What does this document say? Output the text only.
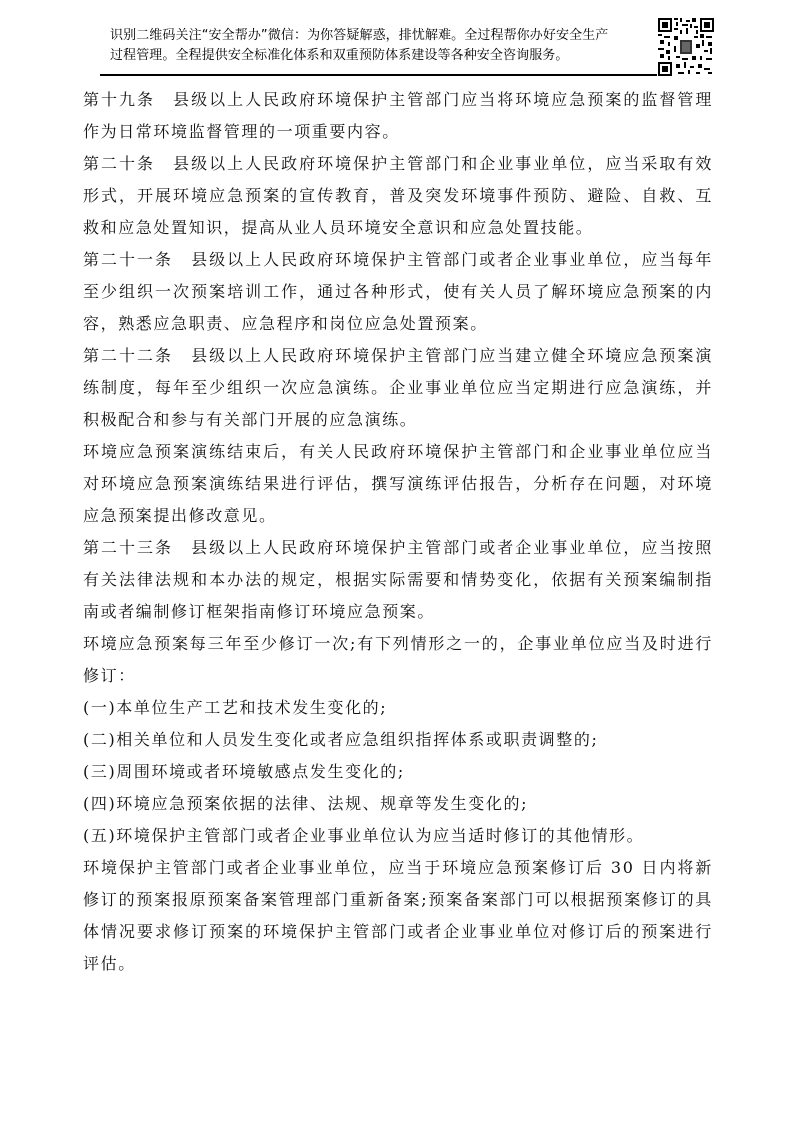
识别二维码关注“安全帮办”微信：为你答疑解惑，排忧解难。全过程帮你办好安全生产
过程管理。全程提供安全标准化体系和双重预防体系建设等各种安全咨询服务。

第十九条　县级以上人民政府环境保护主管部门应当将环境应急预案的监督管理作为日常环境监督管理的一项重要内容。

第二十条　县级以上人民政府环境保护主管部门和企业事业单位，应当采取有效形式，开展环境应急预案的宣传教育，普及突发环境事件预防、避险、自救、互救和应急处置知识，提高从业人员环境安全意识和应急处置技能。

第二十一条　县级以上人民政府环境保护主管部门或者企业事业单位，应当每年至少组织一次预案培训工作，通过各种形式，使有关人员了解环境应急预案的内容，熟悉应急职责、应急程序和岗位应急处置预案。

第二十二条　县级以上人民政府环境保护主管部门应当建立健全环境应急预案演练制度，每年至少组织一次应急演练。企业事业单位应当定期进行应急演练，并积极配合和参与有关部门开展的应急演练。

环境应急预案演练结束后，有关人民政府环境保护主管部门和企业事业单位应当对环境应急预案演练结果进行评估，撰写演练评估报告，分析存在问题，对环境应急预案提出修改意见。

第二十三条　县级以上人民政府环境保护主管部门或者企业事业单位，应当按照有关法律法规和本办法的规定，根据实际需要和情势变化，依据有关预案编制指南或者编制修订框架指南修订环境应急预案。

环境应急预案每三年至少修订一次;有下列情形之一的，企事业单位应当及时进行修订：

(一)本单位生产工艺和技术发生变化的;

(二)相关单位和人员发生变化或者应急组织指挥体系或职责调整的;

(三)周围环境或者环境敏感点发生变化的;

(四)环境应急预案依据的法律、法规、规章等发生变化的;

(五)环境保护主管部门或者企业事业单位认为应当适时修订的其他情形。

环境保护主管部门或者企业事业单位，应当于环境应急预案修订后 30 日内将新修订的预案报原预案备案管理部门重新备案;预案备案部门可以根据预案修订的具体情况要求修订预案的环境保护主管部门或者企业事业单位对修订后的预案进行评估。
